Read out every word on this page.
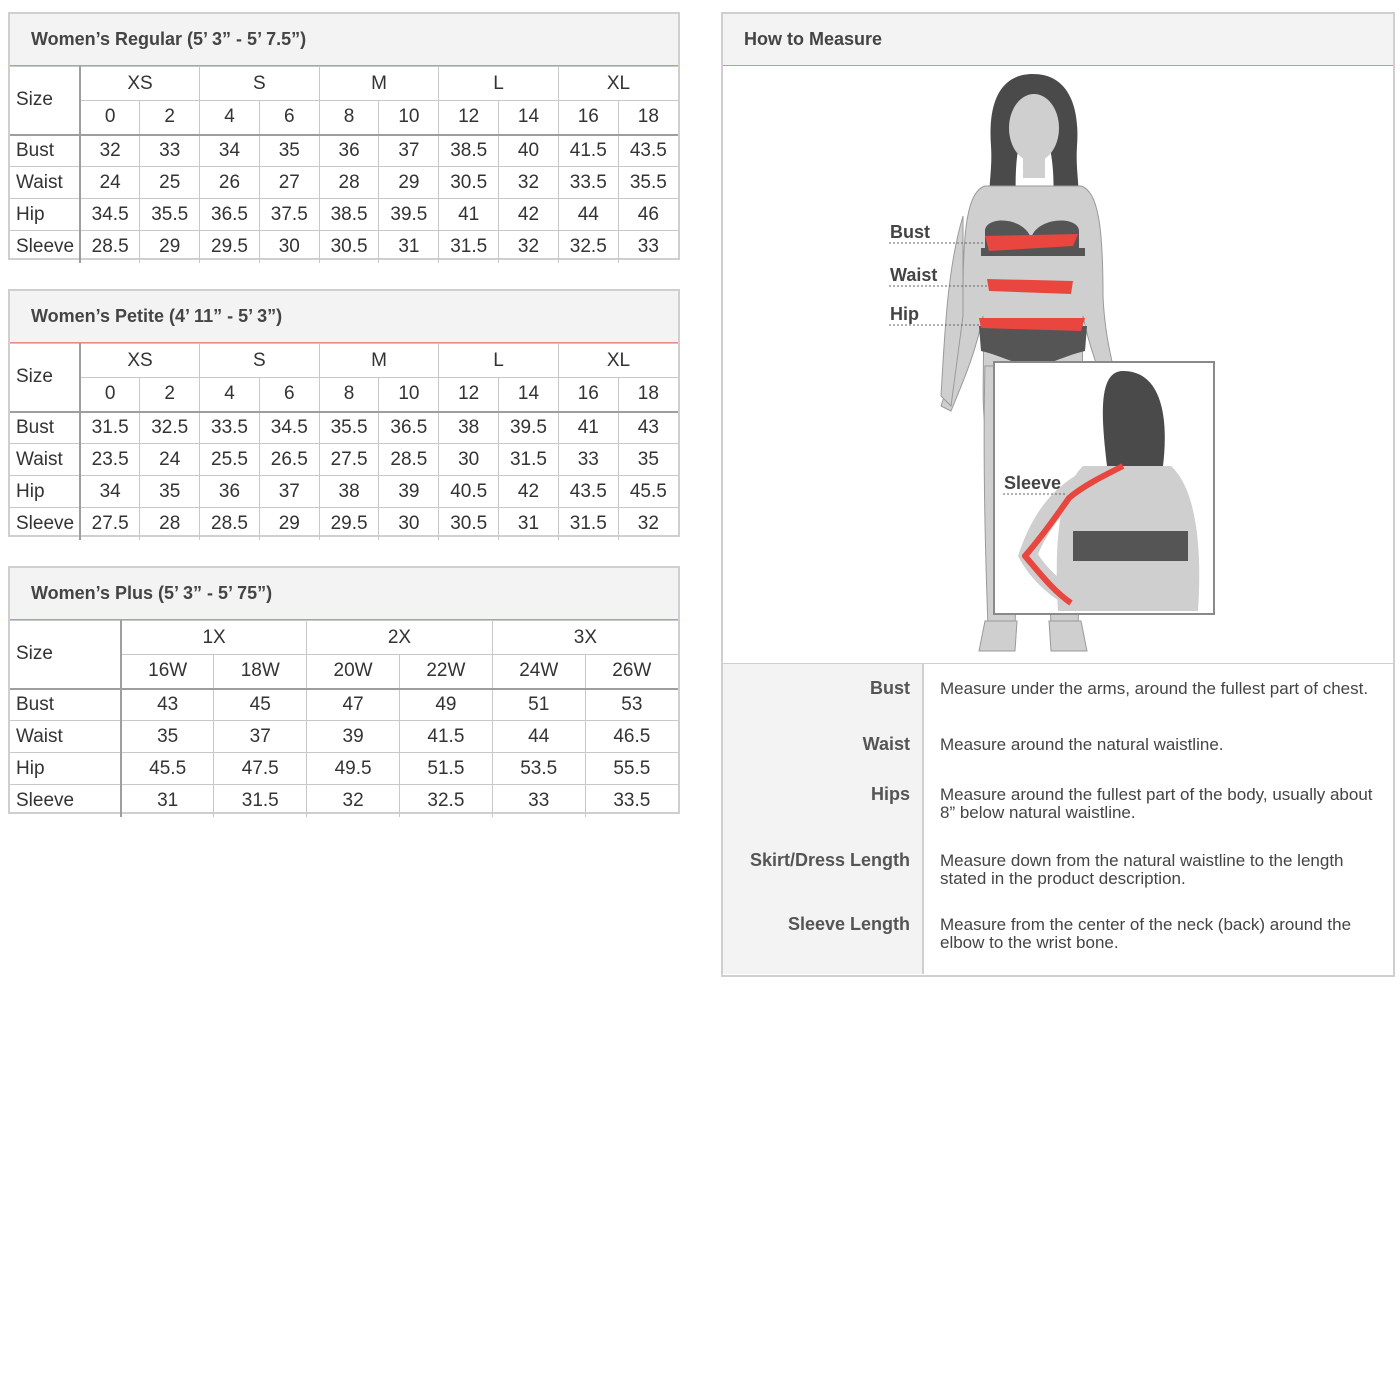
Women’s Regular (5’ 3” - 5’ 7.5”)
Size	XS		S		M		L		XL	
	0	2	4	6	8	10	12	14	16	18
Bust	32	33	34	35	36	37	38.5	40	41.5	43.5
Waist	24	25	26	27	28	29	30.5	32	33.5	35.5
Hip	34.5	35.5	36.5	37.5	38.5	39.5	41	42	44	46
Sleeve	28.5	29	29.5	30	30.5	31	31.5	32	32.5	33
Women’s Petite (4’ 11” - 5’ 3”)
Size	XS		S		M		L		XL	
	0	2	4	6	8	10	12	14	16	18
Bust	31.5	32.5	33.5	34.5	35.5	36.5	38	39.5	41	43
Waist	23.5	24	25.5	26.5	27.5	28.5	30	31.5	33	35
Hip	34	35	36	37	38	39	40.5	42	43.5	45.5
Sleeve	27.5	28	28.5	29	29.5	30	30.5	31	31.5	32
Women’s Plus (5’ 3” - 5’ 75”)
Size	1X		2X		3X	
	16W	18W	20W	22W	24W	26W
Bust	43	45	47	49	51	53
Waist	35	37	39	41.5	44	46.5
Hip	45.5	47.5	49.5	51.5	53.5	55.5
Sleeve	31	31.5	32	32.5	33	33.5
How to Measure
Bust
Waist
Hip
Sleeve
Bust	Measure under the arms, around the fullest part of chest.
Waist	Measure around the natural waistline.
Hips	Measure around the fullest part of the body, usually about 8” below natural waistline.
Skirt/Dress Length	Measure down from the natural waistline to the length stated in the product description.
Sleeve Length	Measure from the center of the neck (back) around the elbow to the wrist bone.
